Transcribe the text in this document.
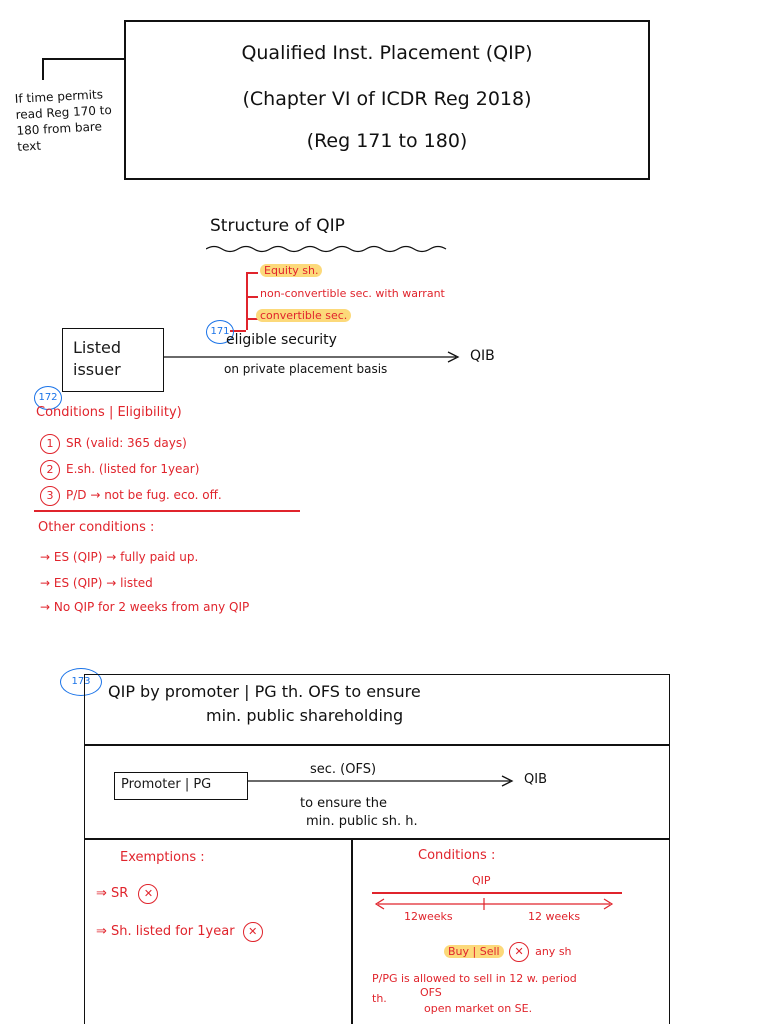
If time permits read Reg 170 to 180 from bare text
Qualified Inst. Placement (QIP)
(Chapter VI of ICDR Reg 2018)
(Reg 171 to 180)
Structure of QIP
Equity sh.
non-convertible sec. with warrant
convertible sec.
171
Listed issuer
eligible security
QIB
on private placement basis
172
Conditions | Eligibility)
1 SR (valid: 365 days)
2 E.sh. (listed for 1year)
3 P/D → not be fug. eco. off.
Other conditions :
→ ES (QIP) → fully paid up.
→ ES (QIP) → listed
→ No QIP for 2 weeks from any QIP
173
QIP by promoter | PG th. OFS to ensure
min. public shareholding
Promoter | PG
sec. (OFS)
QIB
to ensure the
min. public sh. h.
Exemptions :
⇒ SR ✕
⇒ Sh. listed for 1year ✕
Conditions :
QIP
12weeks	12 weeks
Buy | Sell ✕ any sh
P/PG is allowed to sell in 12 w. period
th.	OFS
open market on SE.
